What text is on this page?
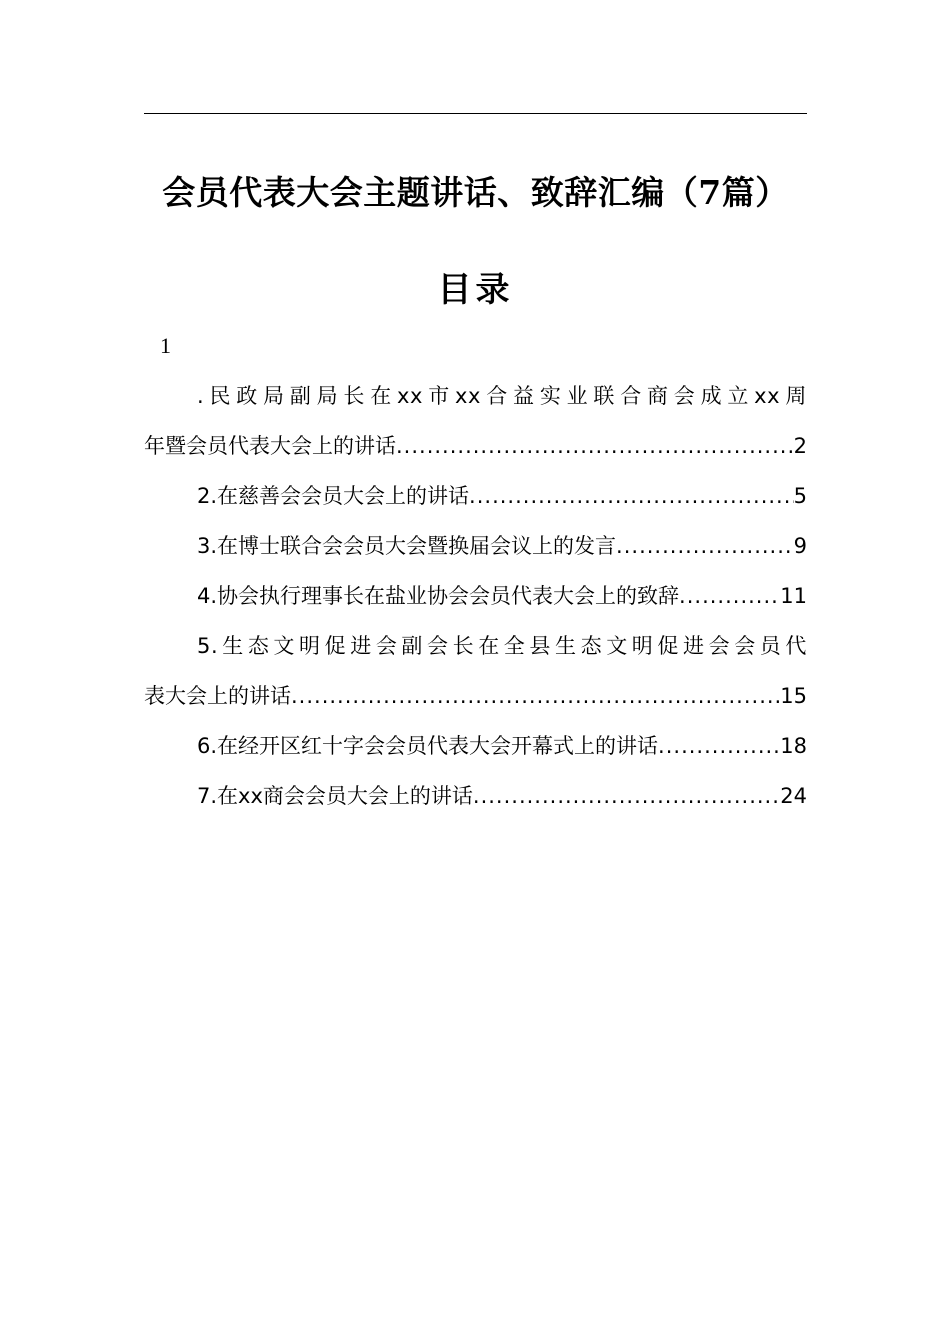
会员代表大会主题讲话、致辞汇编（7篇）
目录
1
.民政局副局长在xx市xx合益实业联合商会成立xx周
年暨会员代表大会上的讲话 .....	2
2.在慈善会会员大会上的讲话 .....	5
3.在博士联合会会员大会暨换届会议上的发言 .....	9
4.协会执行理事长在盐业协会会员代表大会上的致辞 .....	11
5.生态文明促进会副会长在全县生态文明促进会会员代
表大会上的讲话 .....	15
6.在经开区红十字会会员代表大会开幕式上的讲话 .....	18
7.在xx商会会员大会上的讲话 .....	24
